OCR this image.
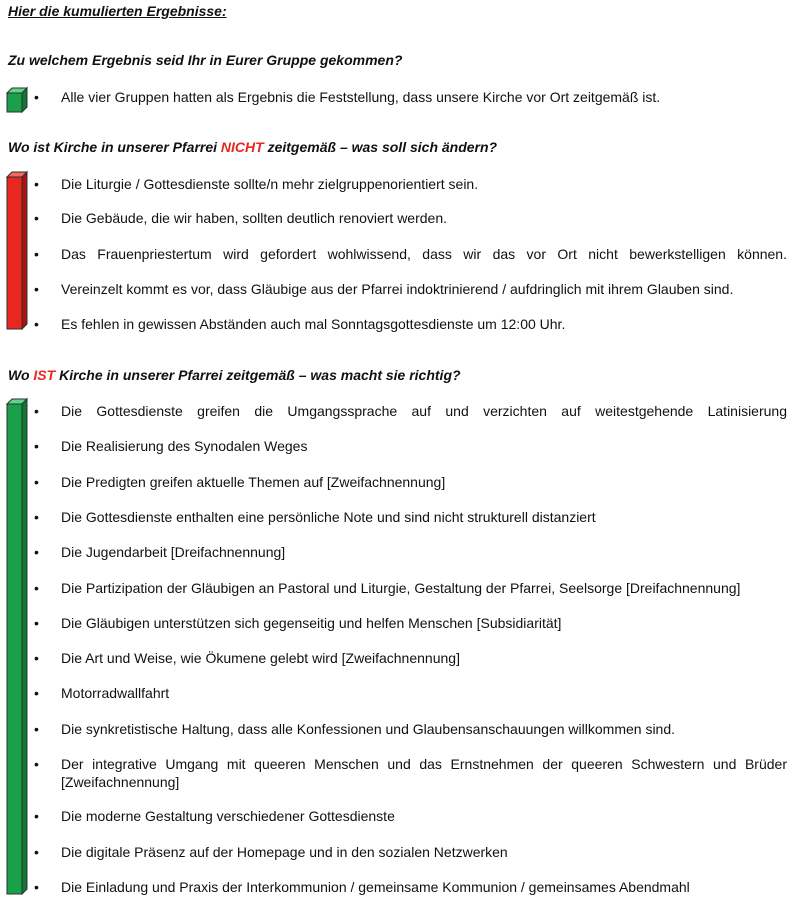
Hier die kumulierten Ergebnisse:
Zu welchem Ergebnis seid Ihr in Eurer Gruppe gekommen?
• Alle vier Gruppen hatten als Ergebnis die Feststellung, dass unsere Kirche vor Ort zeitgemäß ist.
Wo ist Kirche in unserer Pfarrei NICHT zeitgemäß – was soll sich ändern?
• Die Liturgie / Gottesdienste sollte/n mehr zielgruppenorientiert sein.
• Die Gebäude, die wir haben, sollten deutlich renoviert werden.
• Das Frauenpriestertum wird gefordert wohlwissend, dass wir das vor Ort nicht bewerkstelligen können.
• Vereinzelt kommt es vor, dass Gläubige aus der Pfarrei indoktrinierend / aufdringlich mit ihrem Glauben sind.
• Es fehlen in gewissen Abständen auch mal Sonntagsgottesdienste um 12:00 Uhr.
Wo IST Kirche in unserer Pfarrei zeitgemäß – was macht sie richtig?
• Die Gottesdienste greifen die Umgangssprache auf und verzichten auf weitestgehende Latinisierung
• Die Realisierung des Synodalen Weges
• Die Predigten greifen aktuelle Themen auf [Zweifachnennung]
• Die Gottesdienste enthalten eine persönliche Note und sind nicht strukturell distanziert
• Die Jugendarbeit [Dreifachnennung]
• Die Partizipation der Gläubigen an Pastoral und Liturgie, Gestaltung der Pfarrei, Seelsorge [Dreifachnennung]
• Die Gläubigen unterstützen sich gegenseitig und helfen Menschen [Subsidiarität]
• Die Art und Weise, wie Ökumene gelebt wird [Zweifachnennung]
• Motorradwallfahrt
• Die synkretistische Haltung, dass alle Konfessionen und Glaubensanschauungen willkommen sind.
• Der integrative Umgang mit queeren Menschen und das Ernstnehmen der queeren Schwestern und Brüder [Zweifachnennung]
• Die moderne Gestaltung verschiedener Gottesdienste
• Die digitale Präsenz auf der Homepage und in den sozialen Netzwerken
• Die Einladung und Praxis der Interkommunion / gemeinsame Kommunion / gemeinsames Abendmahl
